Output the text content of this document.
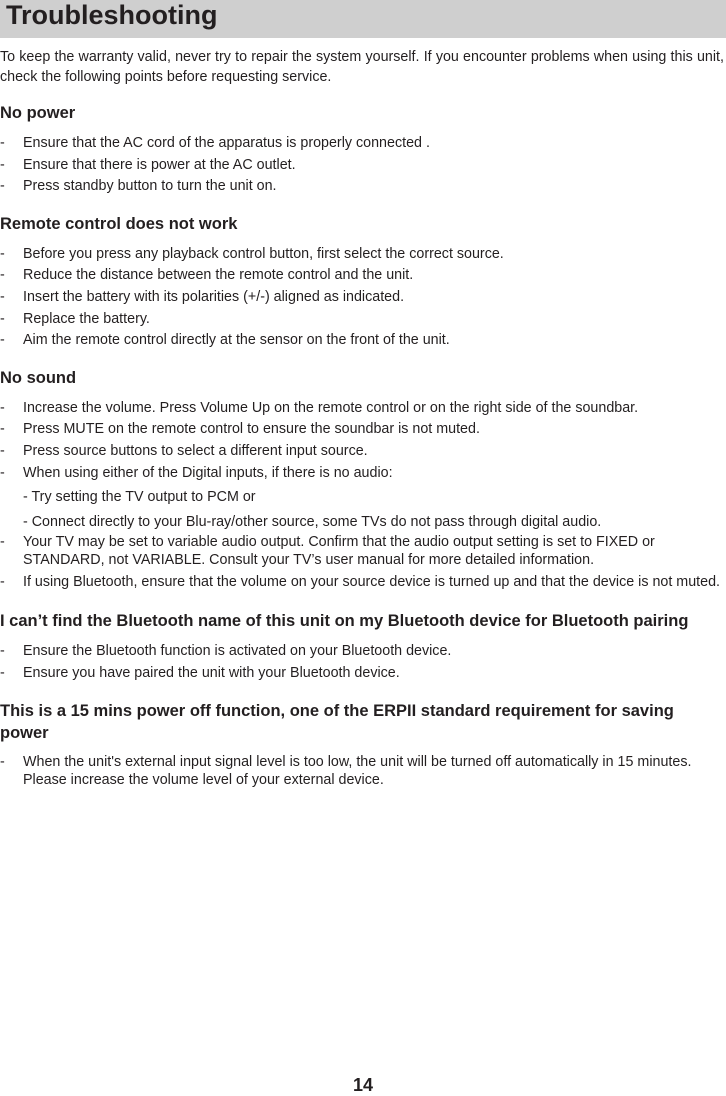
Troubleshooting

To keep the warranty valid, never try to repair the system yourself. If you encounter problems when using this unit, check the following points before requesting service.

No power
- Ensure that the AC cord of the apparatus is properly connected .
- Ensure that there is power at the AC outlet.
- Press standby button to turn the unit on.
Remote control does not work
- Before you press any playback control button, first select the correct source.
- Reduce the distance between the remote control and the unit.
- Insert the battery with its polarities (+/-) aligned as indicated.
- Replace the battery.
- Aim the remote control directly at the sensor on the front of the unit.
No sound
- Increase the volume. Press Volume Up on the remote control or on the right side of the soundbar.
- Press MUTE on the remote control to ensure the soundbar is not muted.
- Press source buttons to select a different input source.
- When using either of the Digital inputs, if there is no audio:
- Try setting the TV output to PCM or
- Connect directly to your Blu-ray/other source, some TVs do not pass through digital audio.
- Your TV may be set to variable audio output. Confirm that the audio output setting is set to FIXED or STANDARD, not VARIABLE. Consult your TV’s user manual for more detailed information.
- If using Bluetooth, ensure that the volume on your source device is turned up and that the device is not muted.
I can’t find the Bluetooth name of this unit on my Bluetooth device for Bluetooth pairing
- Ensure the Bluetooth function is activated on your Bluetooth device.
- Ensure you have paired the unit with your Bluetooth device.
This is a 15 mins power off function, one of the ERPII standard requirement for saving power
- When the unit's external input signal level is too low, the unit will be turned off automatically in 15 minutes. Please increase the volume level of your external device.
14
